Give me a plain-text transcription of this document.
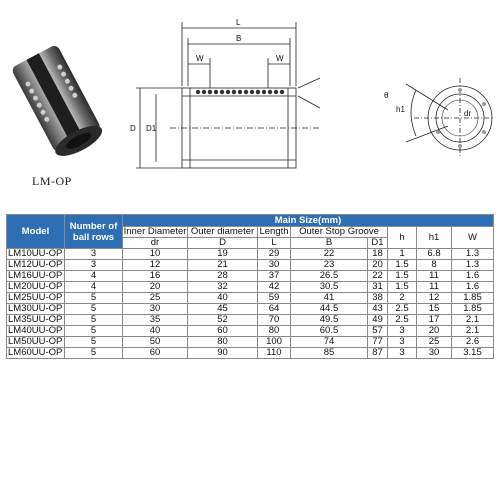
LM-OP
L
B
W	W
D D1
θ
h1	dr
Model	Number of ball rows	Main Size(mm)							
		Inner Diameter	Outer diameter	Length	Outer Stop Groove		h	h1	W
		dr	D	L	B	D1			
LM10UU-OP	3	10	19	29	22	18	1	6.8	1.3
LM12UU-OP	3	12	21	30	23	20	1.5	8	1.3
LM16UU-OP	4	16	28	37	26.5	22	1.5	11	1.6
LM20UU-OP	4	20	32	42	30.5	31	1.5	11	1.6
LM25UU-OP	5	25	40	59	41	38	2	12	1.85
LM30UU-OP	5	30	45	64	44.5	43	2.5	15	1.85
LM35UU-OP	5	35	52	70	49.5	49	2.5	17	2.1
LM40UU-OP	5	40	60	80	60.5	57	3	20	2.1
LM50UU-OP	5	50	80	100	74	77	3	25	2.6
LM60UU-OP	5	60	90	110	85	87	3	30	3.15
